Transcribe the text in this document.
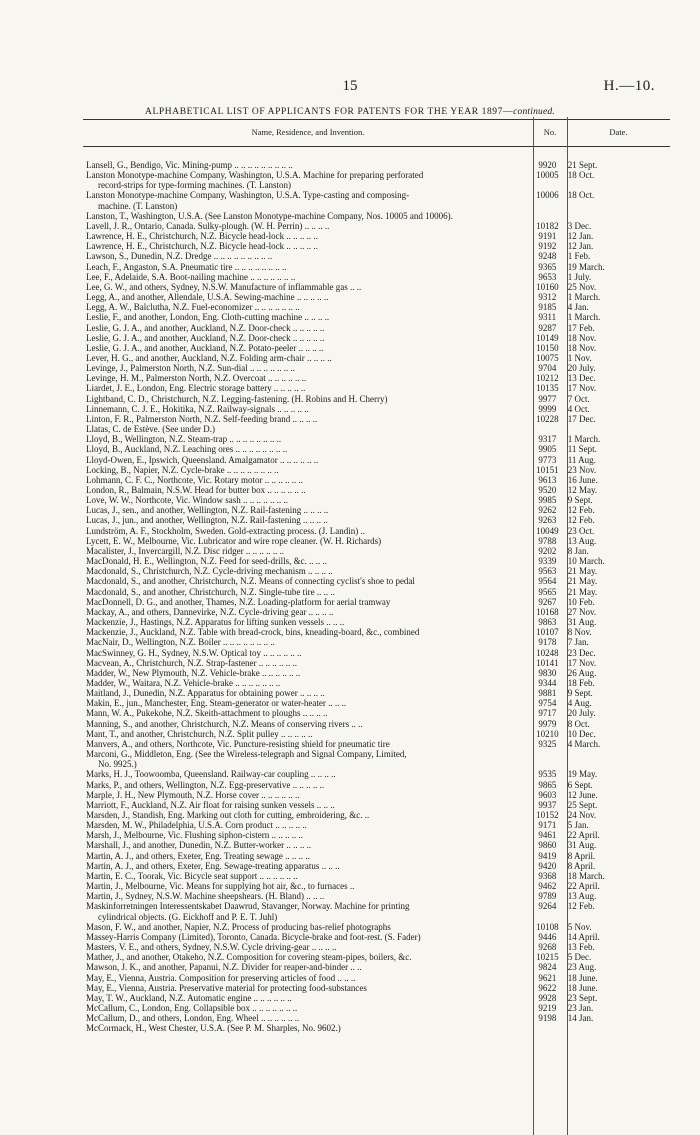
15	H.—10.
ALPHABETICAL LIST OF APPLICANTS FOR PATENTS FOR THE YEAR 1897—continued.
Name, Residence, and Invention.	No.	Date.
Lansell, G., Bendigo, Vic. Mining-pump .. .. .. .. .. .. .. .. ..	9920	21 Sept.
Lanston Monotype-machine Company, Washington, U.S.A. Machine for preparing perforated
record-strips for type-forming machines. (T. Lanston)
10005	18 Oct.
Lanston Monotype-machine Company, Washington, U.S.A. Type-casting and composing-
machine. (T. Lanston)
10006	18 Oct.
Lanston, T., Washington, U.S.A. (See Lanston Monotype-machine Company, Nos. 10005 and 10006).
Lavell, J. R., Ontario, Canada. Sulky-plough. (W. H. Perrin) .. .. .. ..	10182	3 Dec.
Lawrence, H. E., Christchurch, N.Z. Bicycle head-lock .. .. .. .. ..	9191	12 Jan.
Lawrence, H. E., Christchurch, N.Z. Bicycle head-lock .. .. .. .. ..	9192	12 Jan.
Lawson, S., Dunedin, N.Z. Dredge .. .. .. .. .. .. .. .. ..	9248	1 Feb.
Leach, F., Angaston, S.A. Pneumatic tire .. .. .. .. .. .. .. ..	9365	19 March.
Lee, F., Adelaide, S.A. Boot-nailing machine .. .. .. .. .. .. ..	9653	1 July.
Lee, G. W., and others, Sydney, N.S.W. Manufacture of inflammable gas .. ..	10160	25 Nov.
Legg, A., and another, Allendale, U.S.A. Sewing-machine .. .. .. .. ..	9312	1 March.
Legg, A. W., Balclutha, N.Z. Fuel-economizer .. .. .. .. .. .. ..	9185	4 Jan.
Leslie, F., and another, London, Eng. Cloth-cutting machine .. .. .. ..	9311	1 March.
Leslie, G. J. A., and another, Auckland, N.Z. Door-check .. .. .. .. ..	9287	17 Feb.
Leslie, G. J. A., and another, Auckland, N.Z. Door-check .. .. .. .. ..	10149	18 Nov.
Leslie, G. J. A., and another, Auckland, N.Z. Potato-peeler .. .. .. ..	10150	18 Nov.
Lever, H. G., and another, Auckland, N.Z. Folding arm-chair .. .. .. ..	10075	1 Nov.
Levinge, J., Palmerston North, N.Z. Sun-dial .. .. .. .. .. .. ..	9704	20 July.
Levinge, H. M., Palmerston North, N.Z. Overcoat .. .. .. .. .. ..	10212	13 Dec.
Liardet, J. E., London, Eng. Electric storage battery .. .. .. .. ..	10135	17 Nov.
Lightband, C. D., Christchurch, N.Z. Legging-fastening. (H. Robins and H. Cherry)	9977	7 Oct.
Linnemann, C. J. E., Hokitika, N.Z. Railway-signals .. .. .. .. ..	9999	4 Oct.
Linton, F. R., Palmerston North, N.Z. Self-feeding brand .. .. .. ..	10228	17 Dec.
Llatas, C. de Estève. (See under D.)
Lloyd, B., Wellington, N.Z. Steam-trap .. .. .. .. .. .. .. ..	9317	1 March.
Lloyd, B., Auckland, N.Z. Leaching ores .. .. .. .. .. .. .. ..	9905	11 Sept.
Lloyd-Owen, E., Ipswich, Queensland. Amalgamator .. .. .. .. .. ..	9773	11 Aug.
Locking, B., Napier, N.Z. Cycle-brake .. .. .. .. .. .. .. ..	10151	23 Nov.
Lohmann, C. F. C., Northcote, Vic. Rotary motor .. .. .. .. .. ..	9613	16 June.
London, R., Balmain, N.S.W. Head for butter box .. .. .. .. .. ..	9520	12 May.
Love, W. W., Northcote, Vic. Window sash .. .. .. .. .. .. ..	9985	9 Sept.
Lucas, J., sen., and another, Wellington, N.Z. Rail-fastening .. .. .. ..	9262	12 Feb.
Lucas, J., jun., and another, Wellington, N.Z. Rail-fastening .. .. .. ..	9263	12 Feb.
Lundström, A. F., Stockholm, Sweden. Gold-extracting process. (J. Landin) ..	10049	23 Oct.
Lycett, E. W., Melbourne, Vic. Lubricator and wire rope cleaner. (W. H. Richards)	9788	13 Aug.
Macalister, J., Invercargill, N.Z. Disc ridger .. .. .. .. .. ..	9202	8 Jan.
MacDonald, H. E., Wellington, N.Z. Feed for seed-drills, &c. .. .. ..	9339	10 March.
Macdonald, S., Christchurch, N.Z. Cycle-driving mechanism .. .. .. ..	9563	21 May.
Macdonald, S., and another, Christchurch, N.Z. Means of connecting cyclist's shoe to pedal	9564	21 May.
Macdonald, S., and another, Christchurch, N.Z. Single-tube tire .. .. ..	9565	21 May.
MacDonnell, D. G., and another, Thames, N.Z. Loading-platform for aerial tramway	9267	10 Feb.
Mackay, A., and others, Dannevirke, N.Z. Cycle-driving gear .. .. .. ..	10168	27 Nov.
Mackenzie, J., Hastings, N.Z. Apparatus for lifting sunken vessels .. .. ..	9863	31 Aug.
Mackenzie, J., Auckland, N.Z. Table with bread-crock, bins, kneading-board, &c., combined	10107	8 Nov.
MacNair, D., Wellington, N.Z. Boiler .. .. .. .. .. .. .. ..	9178	7 Jan.
MacSwinney, G. H., Sydney, N.S.W. Optical toy .. .. .. .. .. ..	10248	23 Dec.
Macvean, A., Christchurch, N.Z. Strap-fastener .. .. .. .. .. ..	10141	17 Nov.
Madder, W., New Plymouth, N.Z. Vehicle-brake .. .. .. .. .. ..	9830	26 Aug.
Madder, W., Waitara, N.Z. Vehicle-brake .. .. .. .. .. .. ..	9344	18 Feb.
Maitland, J., Dunedin, N.Z. Apparatus for obtaining power .. .. .. ..	9881	9 Sept.
Makin, E., jun., Manchester, Eng. Steam-generator or water-heater .. .. ..	9754	4 Aug.
Mann, W. A., Pukekohe, N.Z. Skeith-attachment to ploughs .. .. .. ..	9717	20 July.
Manning, S., and another, Christchurch, N.Z. Means of conserving rivers .. ..	9979	8 Oct.
Mant, T., and another, Christchurch, N.Z. Split pulley .. .. .. .. ..	10210	10 Dec.
Manvers, A., and others, Northcote, Vic. Puncture-resisting shield for pneumatic tire	9325	4 March.
Marconi, G., Middleton, Eng. (See the Wireless-telegraph and Signal Company, Limited,
No. 9925.)
Marks, H. J., Toowoomba, Queensland. Railway-car coupling .. .. .. ..	9535	19 May.
Marks, P., and others, Wellington, N.Z. Egg-preservative .. .. .. .. ..	9865	6 Sept.
Marple, J. H., New Plymouth, N.Z. Horse cover .. .. .. .. .. ..	9603	12 June.
Marriott, F., Auckland, N.Z. Air float for raising sunken vessels .. .. ..	9937	25 Sept.
Marsden, J., Standish, Eng. Marking out cloth for cutting, embroidering, &c. ..	10152	24 Nov.
Marsden, M. W., Philadelphia, U.S.A. Corn product .. .. .. .. ..	9171	5 Jan.
Marsh, J., Melbourne, Vic. Flushing siphon-cistern .. .. .. .. ..	9461	22 April.
Marshall, J., and another, Dunedin, N.Z. Butter-worker .. .. .. ..	9860	31 Aug.
Martin, A. J., and others, Exeter, Eng. Treating sewage .. .. .. ..	9419	8 April.
Martin, A. J., and others, Exeter, Eng. Sewage-treating apparatus .. .. ..	9420	8 April.
Martin, E. C., Toorak, Vic. Bicycle seat support .. .. .. .. .. ..	9368	18 March.
Martin, J., Melbourne, Vic. Means for supplying hot air, &c., to furnaces ..	9462	22 April.
Martin, J., Sydney, N.S.W. Machine sheepshears. (H. Bland) .. .. ..	9789	13 Aug.
Maskinforretningen Interessentskabet Daawrud, Stavanger, Norway. Machine for printing
cylindrical objects. (G. Eickhoff and P. E. T. Juhl)
9264	12 Feb.
Mason, F. W., and another, Napier, N.Z. Process of producing bas-relief photographs	10108	5 Nov.
Massey-Harris Company (Limited), Toronto, Canada. Bicycle-brake and foot-rest. (S. Fader)	9446	14 April.
Masters, V. E., and others, Sydney, N.S.W. Cycle driving-gear .. .. .. ..	9268	13 Feb.
Mather, J., and another, Otakeho, N.Z. Composition for covering steam-pipes, boilers, &c.	10215	5 Dec.
Mawson, J. K., and another, Papanui, N.Z. Divider for reaper-and-binder .. ..	9824	23 Aug.
May, E., Vienna, Austria. Composition for preserving articles of food .. .. ..	9621	18 June.
May, E., Vienna, Austria. Preservative material for protecting food-substances	9622	18 June.
May, T. W., Auckland, N.Z. Automatic engine .. .. .. .. .. ..	9928	23 Sept.
McCallum, C., London, Eng. Collapsible box .. .. .. .. .. .. ..	9219	23 Jan.
McCallum, D., and others, London, Eng. Wheel .. .. .. .. .. ..	9198	14 Jan.
McCormack, H., West Chester, U.S.A. (See P. M. Sharples, No. 9602.)
